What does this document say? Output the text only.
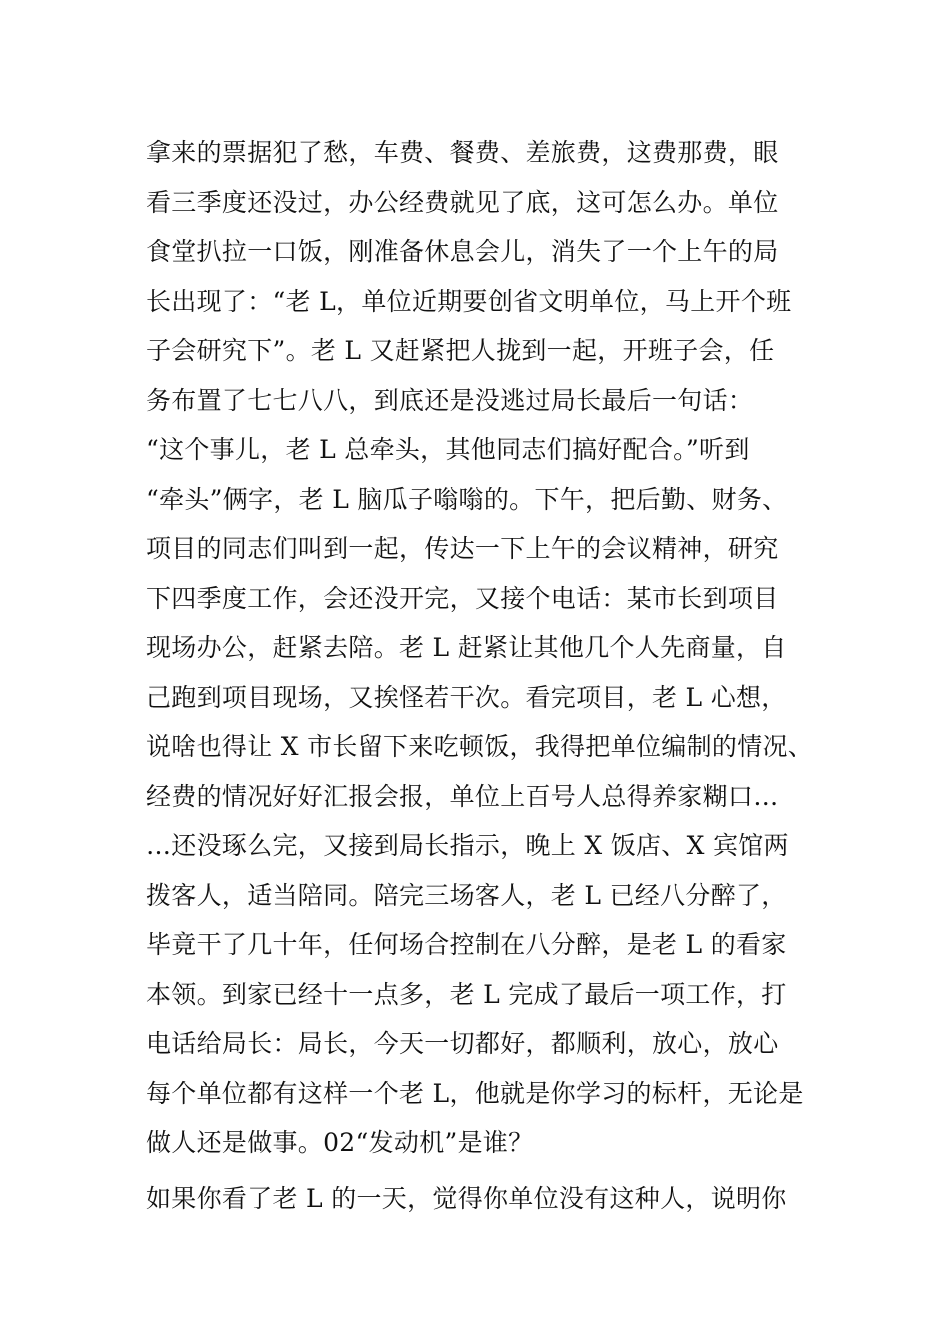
拿来的票据犯了愁，车费、餐费、差旅费，这费那费，眼
看三季度还没过，办公经费就见了底，这可怎么办。单位
食堂扒拉一口饭，刚准备休息会儿，消失了一个上午的局
长出现了：“老 L，单位近期要创省文明单位，马上开个班
子会研究下”。老 L 又赶紧把人拢到一起，开班子会，任
务布置了七七八八，到底还是没逃过局长最后一句话：
“这个事儿，老 L 总牵头，其他同志们搞好配合。”听到
“牵头”俩字，老 L 脑瓜子嗡嗡的。下午，把后勤、财务、
项目的同志们叫到一起，传达一下上午的会议精神，研究
下四季度工作，会还没开完，又接个电话：某市长到项目
现场办公，赶紧去陪。老 L 赶紧让其他几个人先商量，自
己跑到项目现场，又挨怪若干次。看完项目，老 L 心想，
说啥也得让 X 市长留下来吃顿饭，我得把单位编制的情况、
经费的情况好好汇报会报，单位上百号人总得养家糊口…
…还没琢么完，又接到局长指示，晚上 X 饭店、X 宾馆两
拨客人，适当陪同。陪完三场客人，老 L 已经八分醉了，
毕竟干了几十年，任何场合控制在八分醉，是老 L 的看家
本领。到家已经十一点多，老 L 完成了最后一项工作，打
电话给局长：局长，今天一切都好，都顺利，放心，放心
每个单位都有这样一个老 L，他就是你学习的标杆，无论是
做人还是做事。02“发动机”是谁？
如果你看了老 L 的一天，觉得你单位没有这种人，说明你
